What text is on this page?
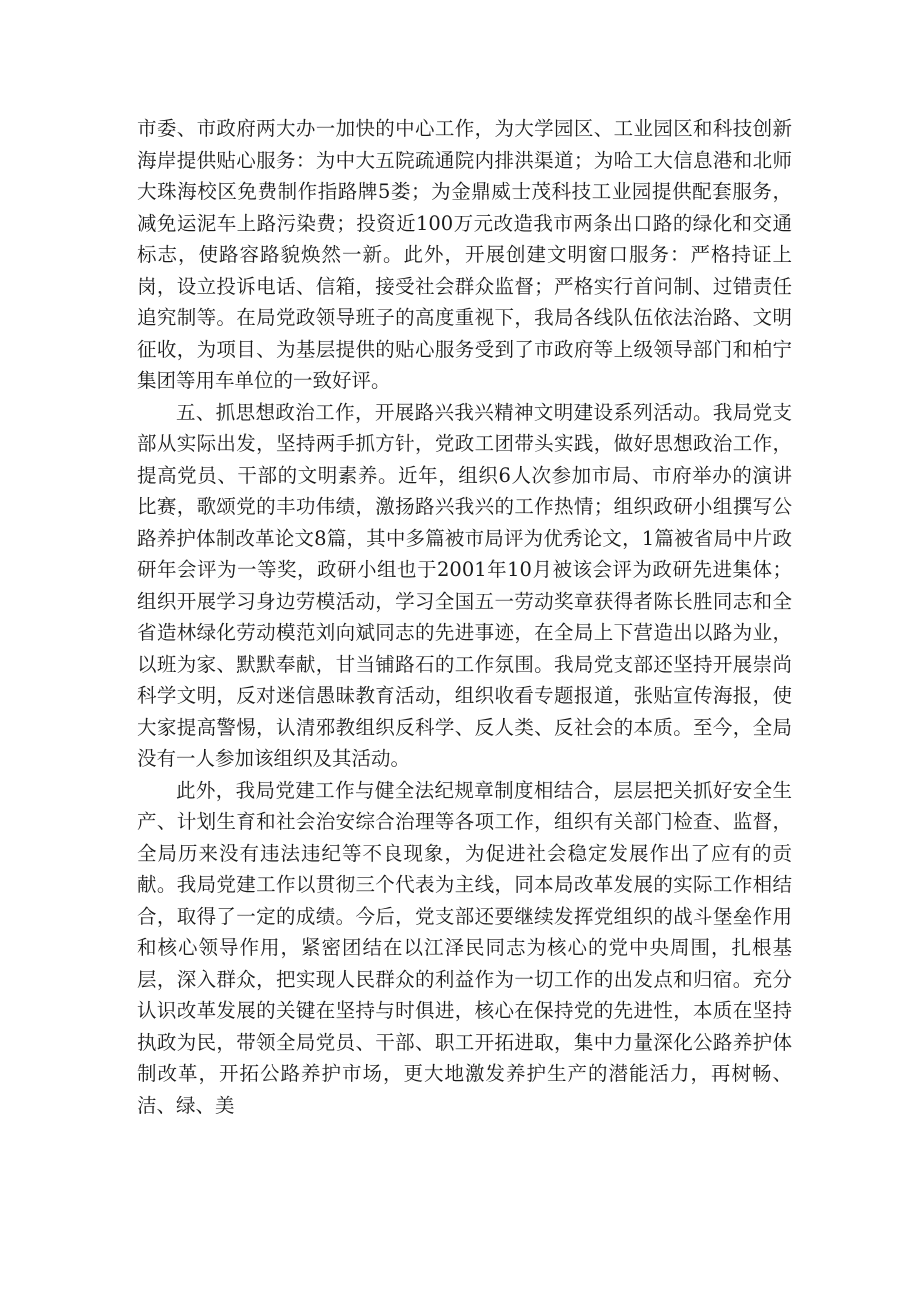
市委、市政府两大办一加快的中心工作，为大学园区、工业园区和科技创新海岸提供贴心服务：为中大五院疏通院内排洪渠道；为哈工大信息港和北师大珠海校区免费制作指路牌5娄；为金鼎威士茂科技工业园提供配套服务，减免运泥车上路污染费；投资近100万元改造我市两条出口路的绿化和交通标志，使路容路貌焕然一新。此外，开展创建文明窗口服务：严格持证上岗，设立投诉电话、信箱，接受社会群众监督；严格实行首问制、过错责任追究制等。在局党政领导班子的高度重视下，我局各线队伍依法治路、文明征收，为项目、为基层提供的贴心服务受到了市政府等上级领导部门和柏宁集团等用车单位的一致好评。

五、抓思想政治工作，开展路兴我兴精神文明建设系列活动。我局党支部从实际出发，坚持两手抓方针，党政工团带头实践，做好思想政治工作，提高党员、干部的文明素养。近年，组织6人次参加市局、市府举办的演讲比赛，歌颂党的丰功伟绩，激扬路兴我兴的工作热情；组织政研小组撰写公路养护体制改革论文8篇，其中多篇被市局评为优秀论文，1篇被省局中片政研年会评为一等奖，政研小组也于2001年10月被该会评为政研先进集体；组织开展学习身边劳模活动，学习全国五一劳动奖章获得者陈长胜同志和全省造林绿化劳动模范刘向斌同志的先进事迹，在全局上下营造出以路为业，以班为家、默默奉献，甘当铺路石的工作氛围。我局党支部还坚持开展崇尚科学文明，反对迷信愚昧教育活动，组织收看专题报道，张贴宣传海报，使大家提高警惕，认清邪教组织反科学、反人类、反社会的本质。至今，全局没有一人参加该组织及其活动。

此外，我局党建工作与健全法纪规章制度相结合，层层把关抓好安全生产、计划生育和社会治安综合治理等各项工作，组织有关部门检查、监督，全局历来没有违法违纪等不良现象，为促进社会稳定发展作出了应有的贡献。我局党建工作以贯彻三个代表为主线，同本局改革发展的实际工作相结合，取得了一定的成绩。今后，党支部还要继续发挥党组织的战斗堡垒作用和核心领导作用，紧密团结在以江泽民同志为核心的党中央周围，扎根基层，深入群众，把实现人民群众的利益作为一切工作的出发点和归宿。充分认识改革发展的关键在坚持与时俱进，核心在保持党的先进性，本质在坚持执政为民，带领全局党员、干部、职工开拓进取，集中力量深化公路养护体制改革，开拓公路养护市场，更大地激发养护生产的潜能活力，再树畅、洁、绿、美
